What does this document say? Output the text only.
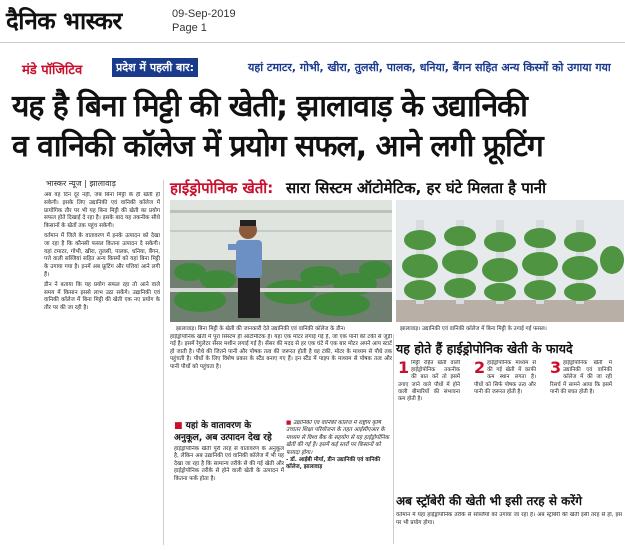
दैनिक भास्कर	09-Sep-2019
Page 1
मंडे पॉजिटिव	प्रदेश में पहली बार:	यहां टमाटर, गोभी, खीरा, तुलसी, पालक, धनिया, बैंगन सहित अन्य किस्मों को उगाया गया
यह है बिना मिट्टी की खेती; झालावाड़ के उद्यानिकी
व वानिकी कॉलेज में प्रयोग सफल, आने लगी फ्रूटिंग
भास्कर न्यूज | झालावाड़

अब वह दिन दूर नहीं, जब बिना मिट्टी के ही खेती हो सकेगी। इसके लिए उद्यानिकी एवं वानिकी कॉलेज में प्रायोगिक तौर पर भी यह बिना मिट्टी की खेती का प्रयोग सफल होते दिखाई दे रहा है। इसके बाद यह तकनीक सीधे किसानों के खेतों तक पहुंच सकेगी।

वर्तमान में जिले के वातावरण में इनके उत्पादन को देखा जा रहा है कि कौनसी फसल कितना उत्पादन दे सकेगी। यहां टमाटर, गोभी, खीरा, तुलसी, पालक, धनिया, बैंगन, पत्ते वाली सब्जियां सहित अन्य किस्मों को यहां बिना मिट्टी के उगाया गया है। इनमें अब फ्रूटिंग और पत्तियां आने लगी हैं।

डीन ने बताया कि यह प्रयोग सफल रहा तो आने वाले समय में किसान इससे लाभ उठा सकेंगे। उद्यानिकी एवं वानिकी कॉलेज में बिना मिट्टी की खेती एक नए प्रयोग के तौर पर की जा रही है।

हाईड्रोपोनिक खेती: सारा सिस्टम ऑटोमेटिक, हर घंटे मिलता है पानी
झालावाड़। बिना मिट्टी के खेती की जानकारी देते उद्यानिकी एवं वानिकी कॉलेज के डीन।	झालावाड़। उद्यानिकी एवं वानिकी कॉलेज में बिना मिट्टी के उगाई गई फसल।
हाईड्रोपोनिक खेती में पूरा सिस्टम ही ऑटोमेटिक है। यहां एक मोटर लगाई गई है, जो एक पानी की टंकी से जुड़ी गई है। इसमें रेगुलेटर सेंसर मशीन लगाई गई है। सेंसर की मदद से हर एक घंटे में एक बार मोटर अपने आप स्टार्ट हो जाती है। पौधे की जितने पानी और पोषक तत्व की जरूरत होती है वह टंकी, मोटर के माध्यम से पौधे तक पहुंचती है। पौधों के लिए विशेष प्रकार के स्टैंड बनाए गए हैं। इन स्टैंड में पाइप के माध्यम से पोषक तत्व और पानी पौधों को पहुंचता है।
■ यहां के वातावरण के
अनुकूल, अब उत्पादन देख रहे
हाईड्रोपोनिक खेती पूरी तरह से वातावरण के अनुकूल है, लेकिन अब उद्यानिकी एवं वानिकी कॉलेज में भी यह देखा जा रहा है कि सामान्य तरीके से की गई खेती और हाईड्रोपोनिक तरीके से होने वाली खेती के उत्पादन में कितना फर्क होता है।
■ उद्यानिकी एवं वानिकी कॉलेज में राष्ट्रीय कृषि उच्चतर शिक्षा परियोजना के तहत आईसीएआर के माध्यम से विश्व बैंक के सहयोग से यह हाईड्रोपोनिक खेती की गई है। इसमें कई स्तरों पर किसानों को फायदा होगा।
- डॉ. आईबी मौर्या, डीन उद्यानिकी एवं वानिकी कॉलेज, झालावाड़
यह होते हैं हाईड्रोपोनिक खेती के फायदे
1 मिट्टी रहित खेती वाली हाईड्रोपोनिक तकनीक की बात करें तो इसमें उगाए जाने वाले पौधों में होने वाली बीमारियों की संभावना कम होती है।
2 हाईड्रोपोनिक माध्यम से की गई खेती में काफी कम स्थान लगता है। पौधों को सिर्फ पोषक तत्व और पानी की जरूरत होती है।
3 हाईड्रोपोनिक खेती में उद्यानिकी एवं वानिकी कॉलेज में की जा रही रिसर्च में सामने आया कि इसमें पानी की बचत होती है।
अब स्ट्रॉबेरी की खेती भी इसी तरह से करेंगे
वर्तमान में यहां हाईड्रोपोनिक तरीके से सब्जियों को उगाया जा रहा है। अब स्ट्रॉबेरी की खेती इसी तरह से हो, इस पर भी प्रयोग होगा।
